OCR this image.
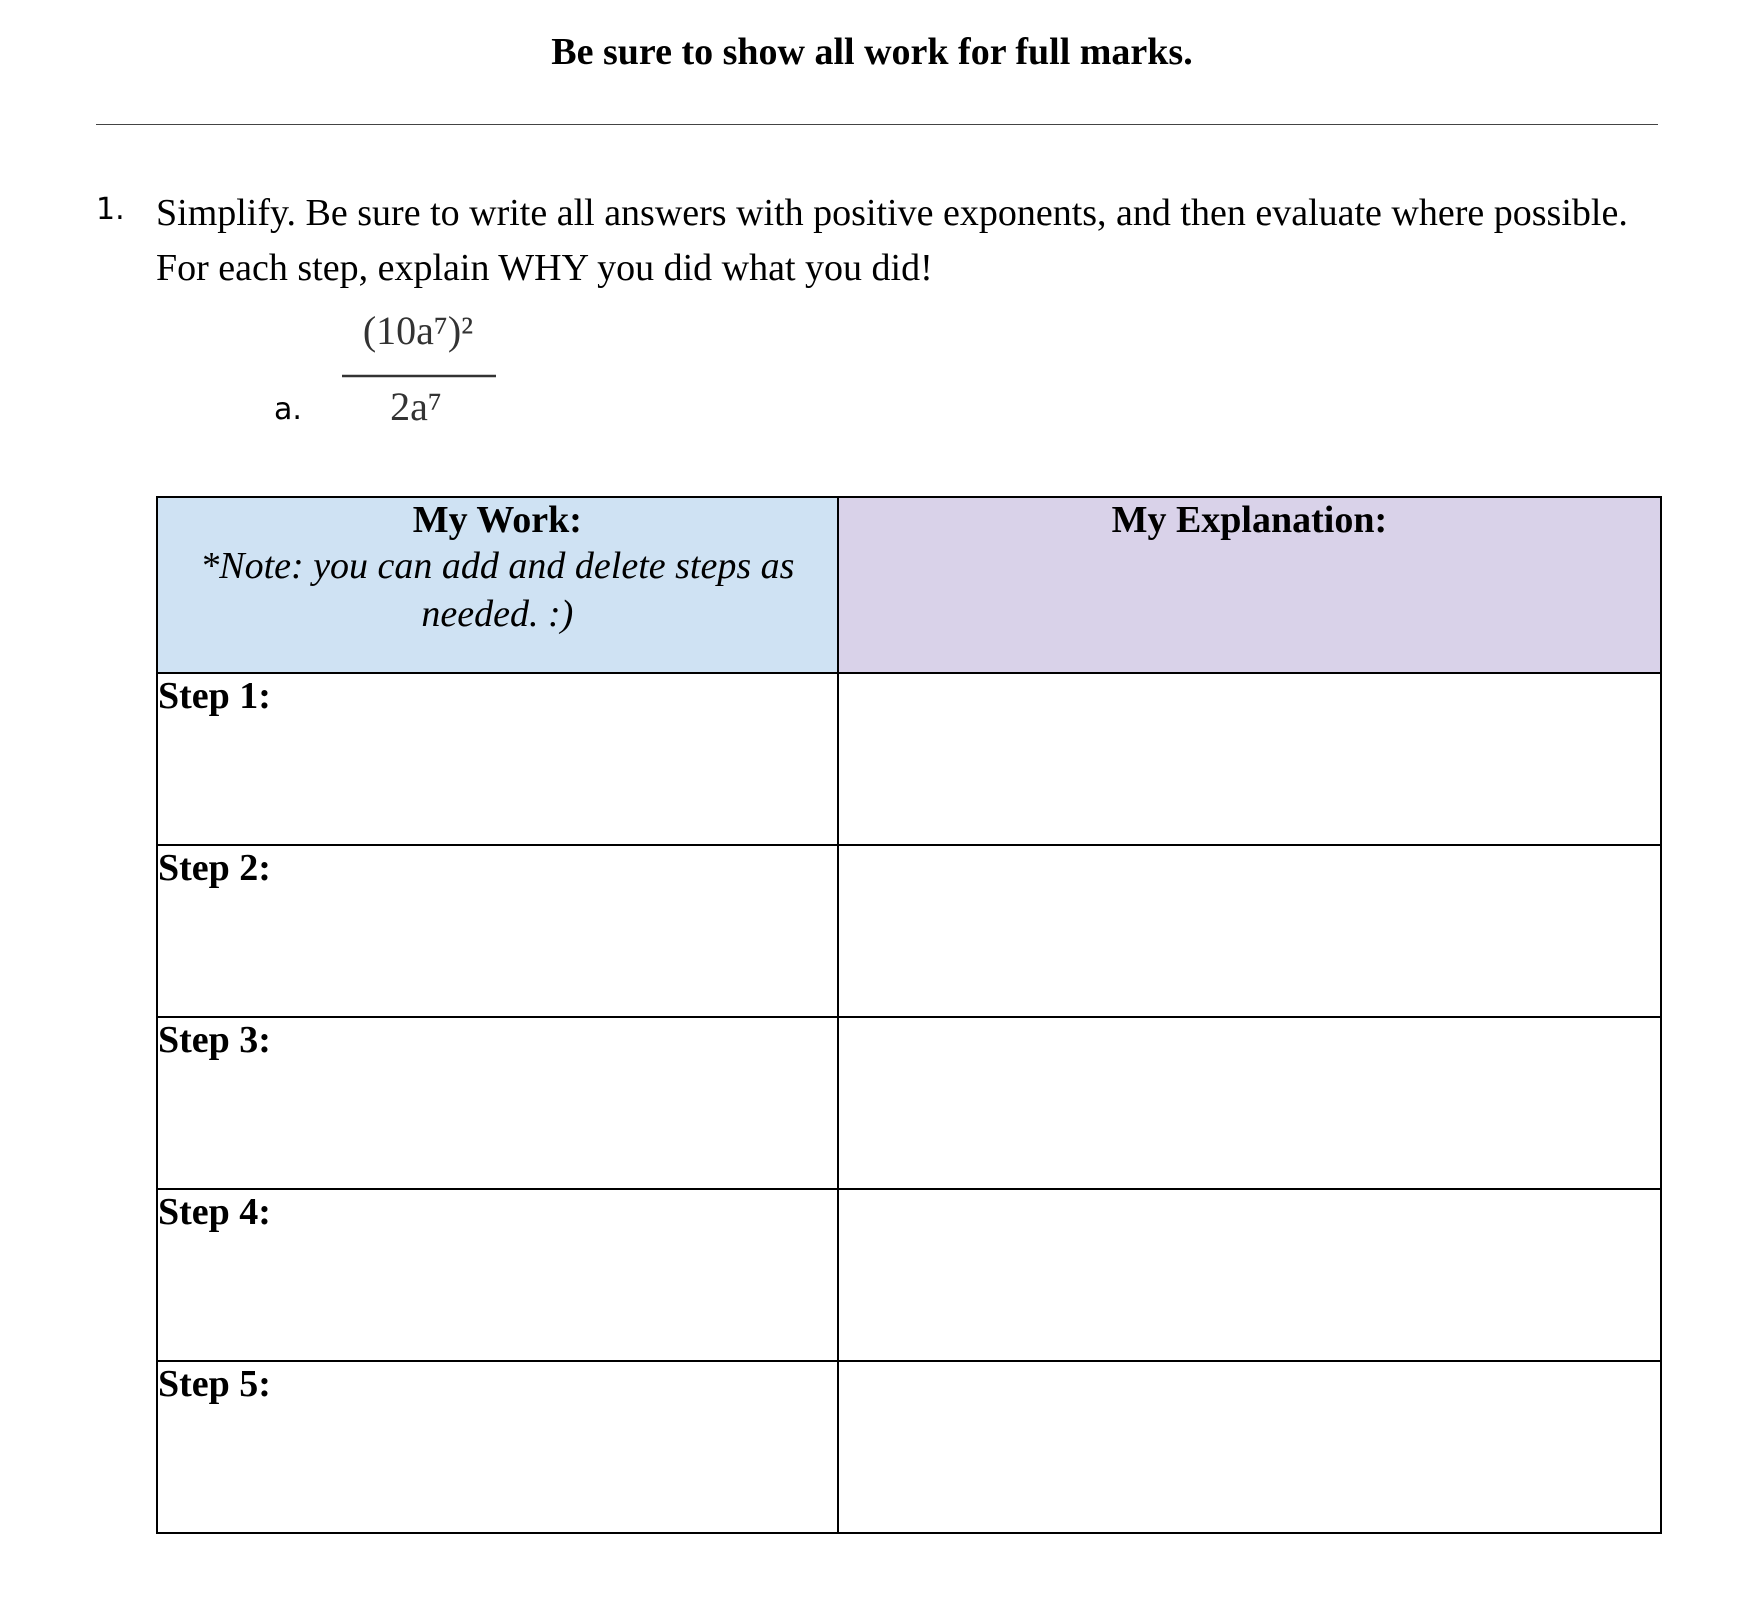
Be sure to show all work for full marks.
1. Simplify. Be sure to write all answers with positive exponents, and then evaluate where possible. For each step, explain WHY you did what you did!
a.
(10a⁷)²
2a⁷
My Work:
*Note: you can add and delete steps as needed. :)	My Explanation:

Step 1:	

Step 2:	

Step 3:	

Step 4:	

Step 5:	
